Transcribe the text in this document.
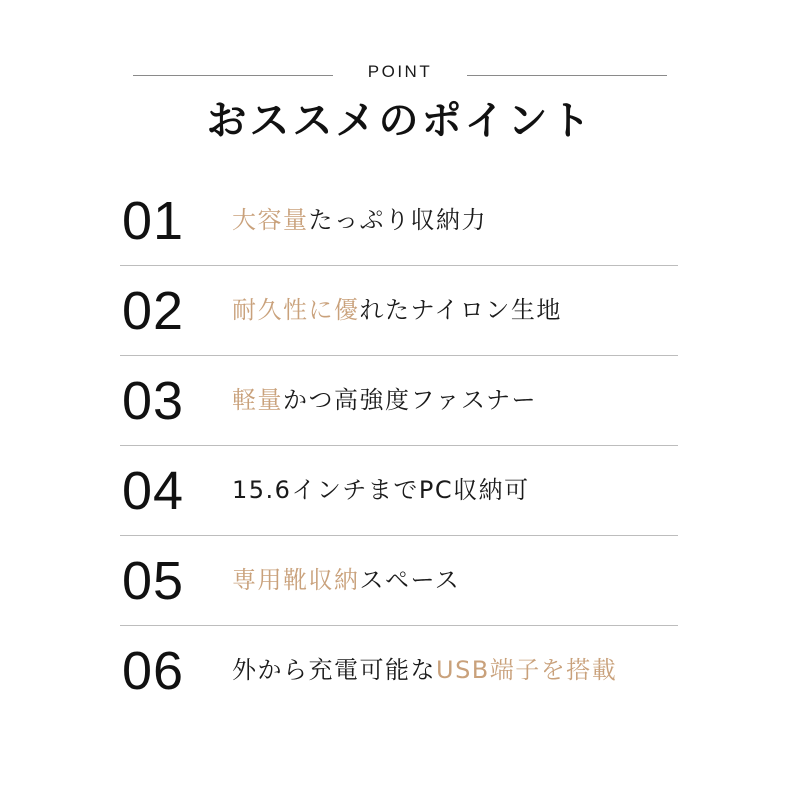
POINT
おススメのポイント
01 大容量たっぷり収納力
02 耐久性に優れたナイロン生地
03 軽量かつ高強度ファスナー
04 15.6インチまでPC収納可
05 専用靴収納スペース
06 外から充電可能なUSB端子を搭載
